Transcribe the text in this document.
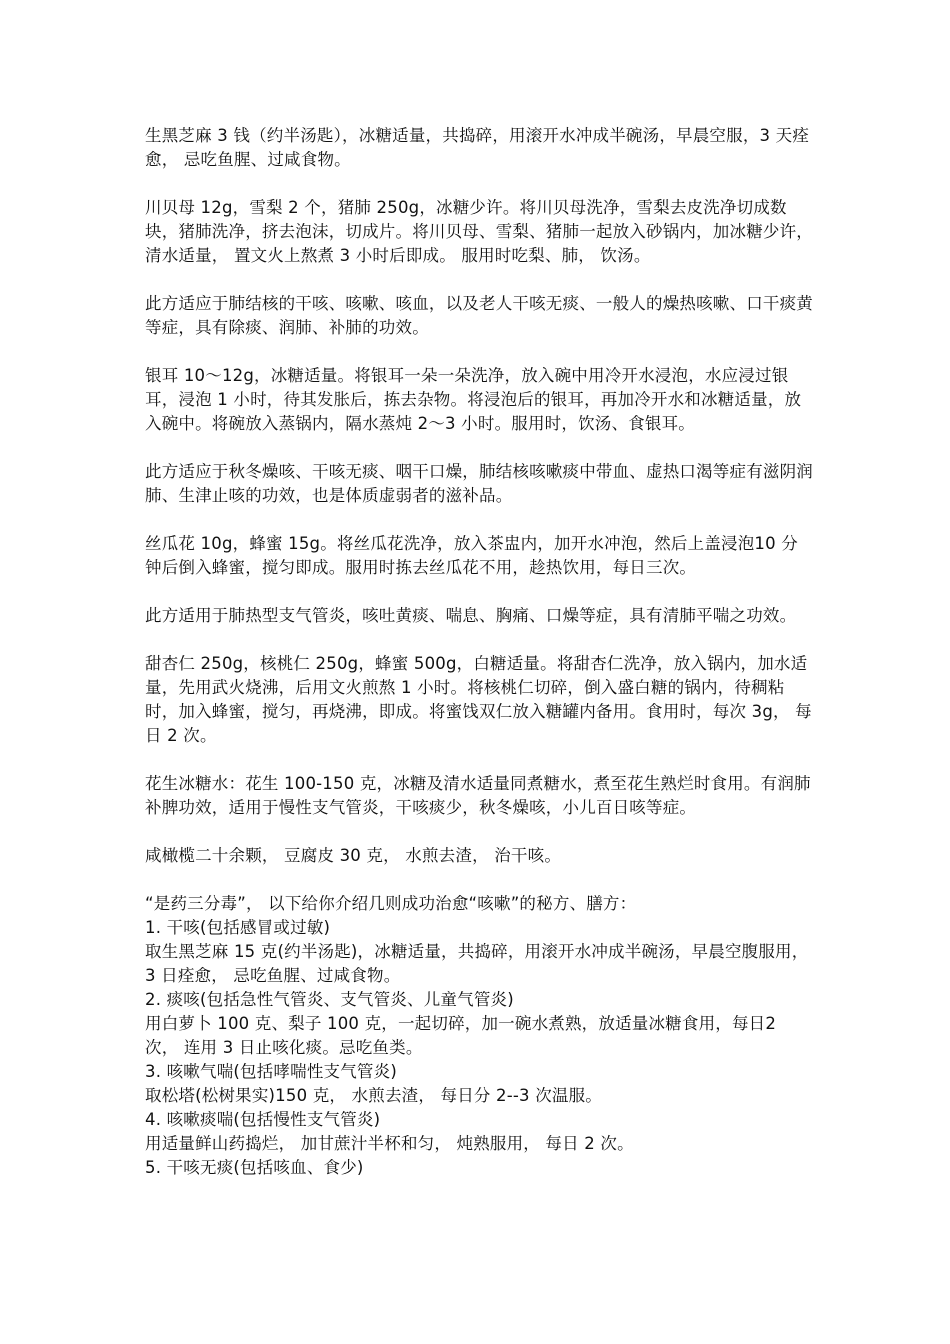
生黑芝麻 3 钱（约半汤匙），冰糖适量，共捣碎，用滚开水冲成半碗汤，早晨空服，3 天痊愈， 忌吃鱼腥、过咸食物。

川贝母 12g，雪梨 2 个，猪肺 250g，冰糖少许。将川贝母洗净，雪梨去皮洗净切成数块，猪肺洗净，挤去泡沫，切成片。将川贝母、雪梨、猪肺一起放入砂锅内，加冰糖少许， 清水适量， 置文火上熬煮 3 小时后即成。 服用时吃梨、肺， 饮汤。

此方适应于肺结核的干咳、咳嗽、咳血，以及老人干咳无痰、一般人的燥热咳嗽、口干痰黄等症，具有除痰、润肺、补肺的功效。

银耳 10～12g，冰糖适量。将银耳一朵一朵洗净，放入碗中用冷开水浸泡，水应浸过银耳，浸泡 1 小时，待其发胀后，拣去杂物。将浸泡后的银耳，再加冷开水和冰糖适量，放入碗中。将碗放入蒸锅内，隔水蒸炖 2～3 小时。服用时，饮汤、食银耳。

此方适应于秋冬燥咳、干咳无痰、咽干口燥，肺结核咳嗽痰中带血、虚热口渴等症有滋阴润肺、生津止咳的功效，也是体质虚弱者的滋补品。

丝瓜花 10g，蜂蜜 15g。将丝瓜花洗净，放入茶盅内，加开水冲泡，然后上盖浸泡10 分钟后倒入蜂蜜，搅匀即成。服用时拣去丝瓜花不用，趁热饮用，每日三次。

此方适用于肺热型支气管炎，咳吐黄痰、喘息、胸痛、口燥等症，具有清肺平喘之功效。

甜杏仁 250g，核桃仁 250g，蜂蜜 500g，白糖适量。将甜杏仁洗净，放入锅内，加水适量，先用武火烧沸，后用文火煎熬 1 小时。将核桃仁切碎，倒入盛白糖的锅内，待稠粘时，加入蜂蜜，搅匀，再烧沸，即成。将蜜饯双仁放入糖罐内备用。食用时，每次 3g， 每日 2 次。

花生冰糖水：花生 100-150 克，冰糖及清水适量同煮糖水，煮至花生熟烂时食用。有润肺补脾功效，适用于慢性支气管炎，干咳痰少，秋冬燥咳，小儿百日咳等症。

咸橄榄二十余颗， 豆腐皮 30 克， 水煎去渣， 治干咳。

“是药三分毒”， 以下给你介绍几则成功治愈“咳嗽”的秘方、膳方：

1. 干咳(包括感冒或过敏)

取生黑芝麻 15 克(约半汤匙)，冰糖适量，共捣碎，用滚开水冲成半碗汤，早晨空腹服用， 3 日痊愈， 忌吃鱼腥、过咸食物。

2. 痰咳(包括急性气管炎、支气管炎、儿童气管炎)

用白萝卜 100 克、梨子 100 克，一起切碎，加一碗水煮熟，放适量冰糖食用，每日2 次， 连用 3 日止咳化痰。忌吃鱼类。

3. 咳嗽气喘(包括哮喘性支气管炎)

取松塔(松树果实)150 克， 水煎去渣， 每日分 2--3 次温服。

4. 咳嗽痰喘(包括慢性支气管炎)

用适量鲜山药捣烂， 加甘蔗汁半杯和匀， 炖熟服用， 每日 2 次。

5. 干咳无痰(包括咳血、食少)
